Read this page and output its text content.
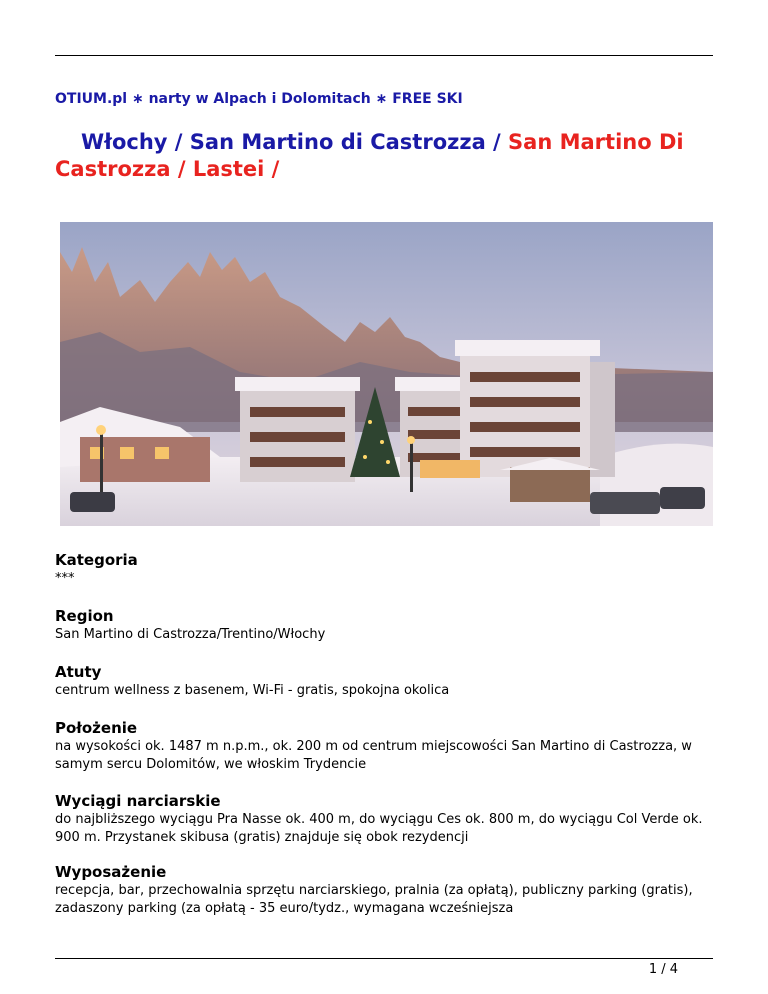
OTIUM.pl ∗ narty w Alpach i Dolomitach ∗ FREE SKI
Włochy / San Martino di Castrozza / San Martino Di Castrozza / Lastei /
Kategoria

***

Region

San Martino di Castrozza/Trentino/Włochy

Atuty

centrum wellness z basenem, Wi-Fi - gratis, spokojna okolica

Położenie

na wysokości ok. 1487 m n.p.m., ok. 200 m od centrum miejscowości San Martino di Castrozza, w samym sercu Dolomitów, we włoskim Trydencie

Wyciągi narciarskie

do najbliższego wyciągu Pra Nasse ok. 400 m, do wyciągu Ces ok. 800 m, do wyciągu Col Verde ok. 900 m. Przystanek skibusa (gratis) znajduje się obok rezydencji

Wyposażenie

recepcja, bar, przechowalnia sprzętu narciarskiego, pralnia (za opłatą), publiczny parking (gratis), zadaszony parking (za opłatą - 35 euro/tydz., wymagana wcześniejsza

1 / 4
